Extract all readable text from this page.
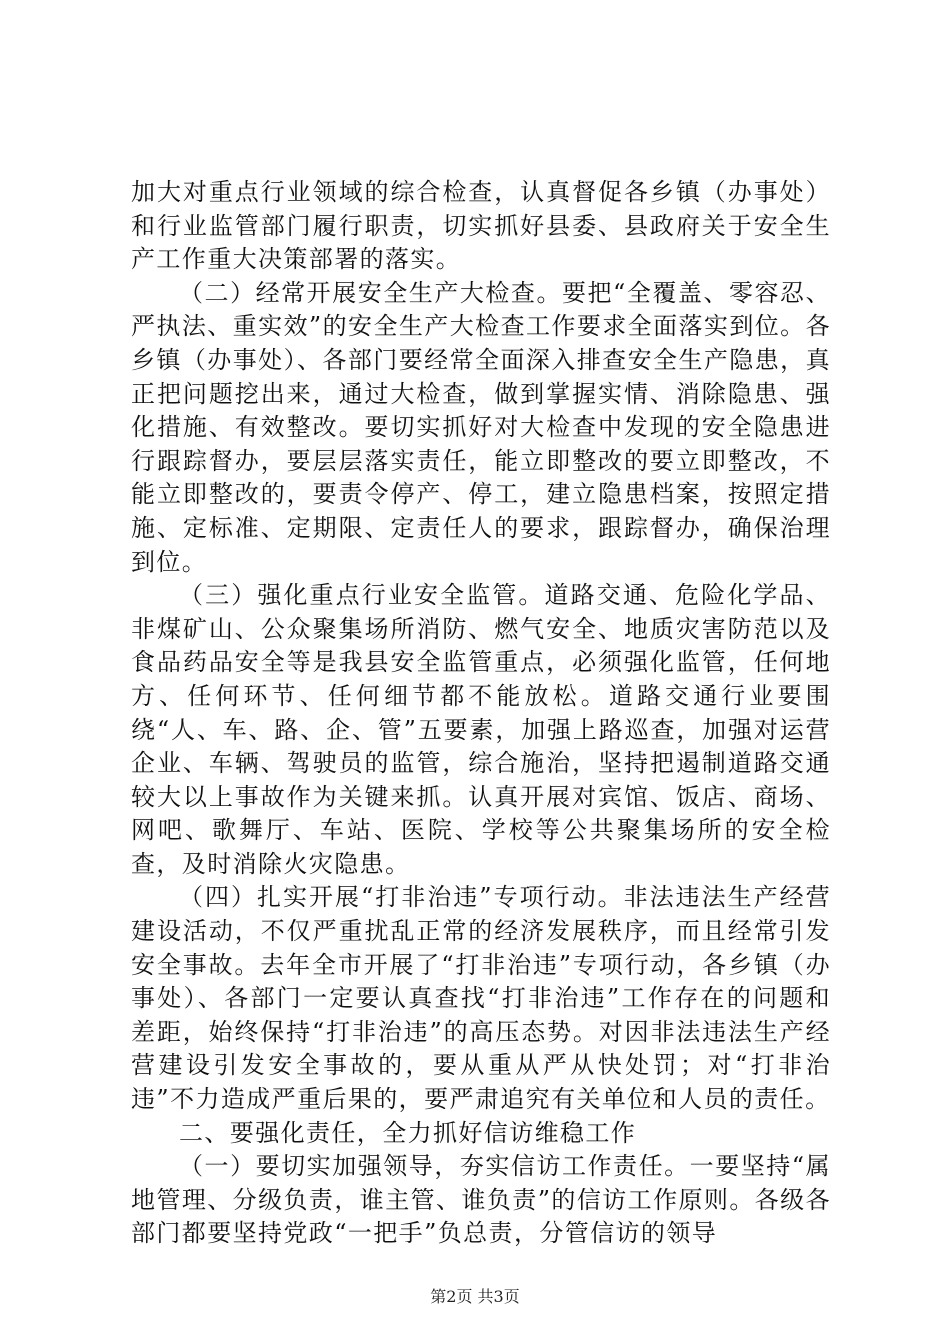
加大对重点行业领域的综合检查，认真督促各乡镇（办事处）和行业监管部门履行职责，切实抓好县委、县政府关于安全生产工作重大决策部署的落实。

（二）经常开展安全生产大检查。要把“全覆盖、零容忍、严执法、重实效”的安全生产大检查工作要求全面落实到位。各乡镇（办事处）、各部门要经常全面深入排查安全生产隐患，真正把问题挖出来，通过大检查，做到掌握实情、消除隐患、强化措施、有效整改。要切实抓好对大检查中发现的安全隐患进行跟踪督办，要层层落实责任，能立即整改的要立即整改，不能立即整改的，要责令停产、停工，建立隐患档案，按照定措施、定标准、定期限、定责任人的要求，跟踪督办，确保治理到位。

（三）强化重点行业安全监管。道路交通、危险化学品、非煤矿山、公众聚集场所消防、燃气安全、地质灾害防范以及食品药品安全等是我县安全监管重点，必须强化监管，任何地方、任何环节、任何细节都不能放松。道路交通行业要围绕“人、车、路、企、管”五要素，加强上路巡查，加强对运营企业、车辆、驾驶员的监管，综合施治，坚持把遏制道路交通较大以上事故作为关键来抓。认真开展对宾馆、饭店、商场、网吧、歌舞厅、车站、医院、学校等公共聚集场所的安全检查，及时消除火灾隐患。

（四）扎实开展“打非治违”专项行动。非法违法生产经营建设活动，不仅严重扰乱正常的经济发展秩序，而且经常引发安全事故。去年全市开展了“打非治违”专项行动，各乡镇（办事处）、各部门一定要认真查找“打非治违”工作存在的问题和差距，始终保持“打非治违”的高压态势。对因非法违法生产经营建设引发安全事故的，要从重从严从快处罚；对“打非治违”不力造成严重后果的，要严肃追究有关单位和人员的责任。

二、要强化责任，全力抓好信访维稳工作

（一）要切实加强领导，夯实信访工作责任。一要坚持“属地管理、分级负责，谁主管、谁负责”的信访工作原则。各级各部门都要坚持党政“一把手”负总责，分管信访的领导

第2页 共3页
